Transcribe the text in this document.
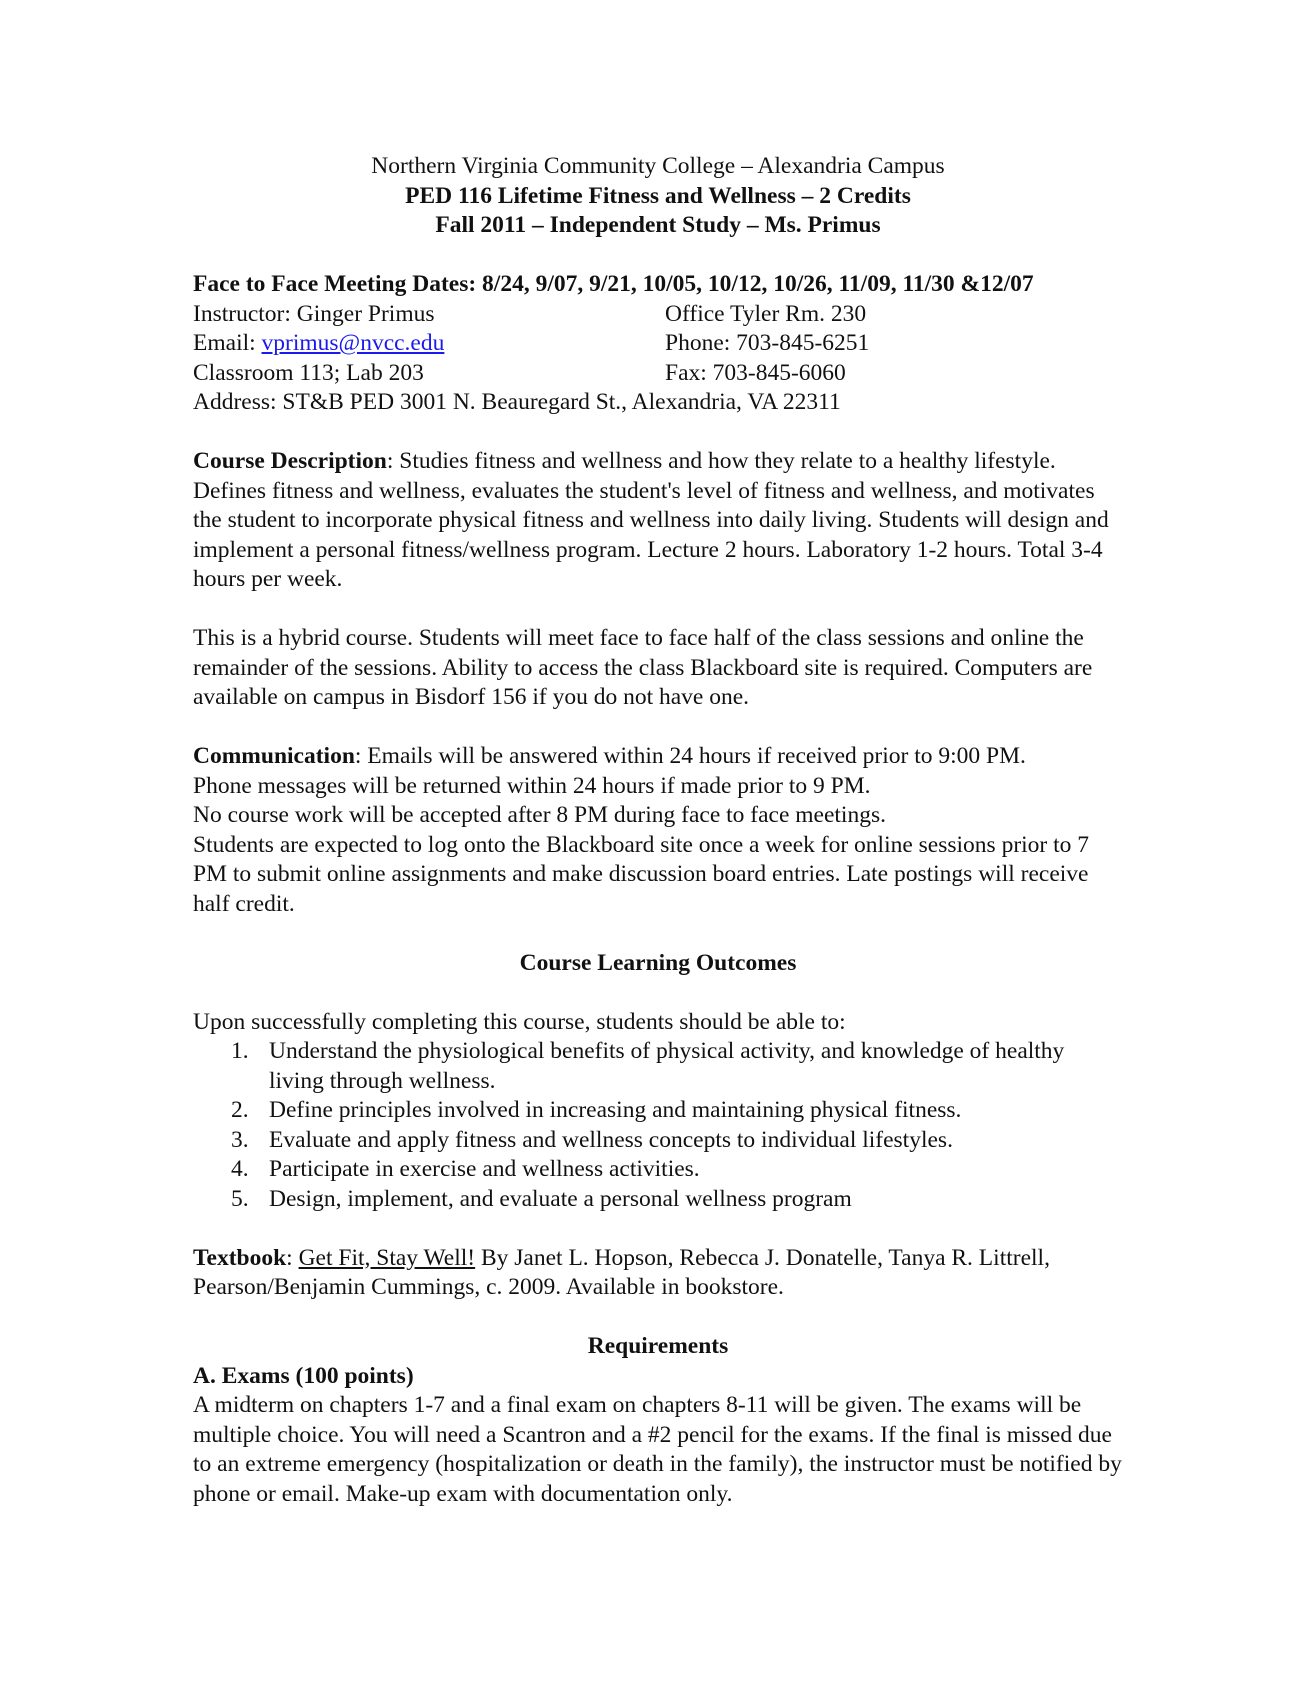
Northern Virginia Community College – Alexandria Campus
PED 116 Lifetime Fitness and Wellness – 2 Credits
Fall 2011 – Independent Study – Ms. Primus
Face to Face Meeting Dates: 8/24, 9/07, 9/21, 10/05, 10/12, 10/26, 11/09, 11/30 &12/07
Instructor: Ginger Primus	Office Tyler Rm. 230
Email: vprimus@nvcc.edu	Phone: 703-845-6251
Classroom 113; Lab 203	Fax: 703-845-6060
Address: ST&B PED 3001 N. Beauregard St., Alexandria, VA 22311

Course Description: Studies fitness and wellness and how they relate to a healthy lifestyle. Defines fitness and wellness, evaluates the student's level of fitness and wellness, and motivates the student to incorporate physical fitness and wellness into daily living. Students will design and implement a personal fitness/wellness program. Lecture 2 hours. Laboratory 1-2 hours. Total 3-4 hours per week.

This is a hybrid course. Students will meet face to face half of the class sessions and online the remainder of the sessions. Ability to access the class Blackboard site is required. Computers are available on campus in Bisdorf 156 if you do not have one.

Communication: Emails will be answered within 24 hours if received prior to 9:00 PM.
Phone messages will be returned within 24 hours if made prior to 9 PM.
No course work will be accepted after 8 PM during face to face meetings.
Students are expected to log onto the Blackboard site once a week for online sessions prior to 7 PM to submit online assignments and make discussion board entries. Late postings will receive half credit.
Course Learning Outcomes
Upon successfully completing this course, students should be able to:
1. Understand the physiological benefits of physical activity, and knowledge of healthy living through wellness.
2. Define principles involved in increasing and maintaining physical fitness.
3. Evaluate and apply fitness and wellness concepts to individual lifestyles.
4. Participate in exercise and wellness activities.
5. Design, implement, and evaluate a personal wellness program

Textbook: Get Fit, Stay Well! By Janet L. Hopson, Rebecca J. Donatelle, Tanya R. Littrell, Pearson/Benjamin Cummings, c. 2009. Available in bookstore.

Requirements
A. Exams (100 points)

A midterm on chapters 1-7 and a final exam on chapters 8-11 will be given. The exams will be multiple choice. You will need a Scantron and a #2 pencil for the exams. If the final is missed due to an extreme emergency (hospitalization or death in the family), the instructor must be notified by phone or email. Make-up exam with documentation only.
